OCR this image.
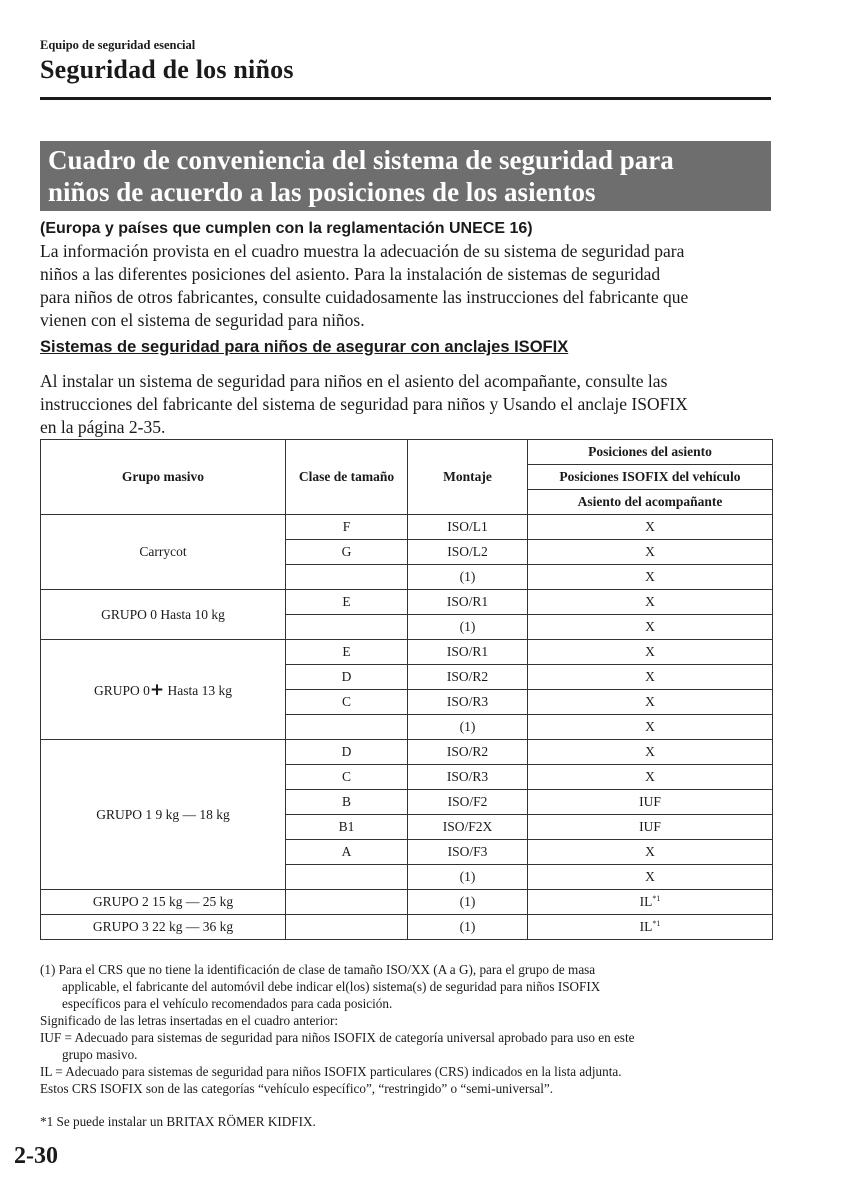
Equipo de seguridad esencial
Seguridad de los niños
Cuadro de conveniencia del sistema de seguridad para
niños de acuerdo a las posiciones de los asientos
(Europa y países que cumplen con la reglamentación UNECE 16)
La información provista en el cuadro muestra la adecuación de su sistema de seguridad para
niños a las diferentes posiciones del asiento. Para la instalación de sistemas de seguridad
para niños de otros fabricantes, consulte cuidadosamente las instrucciones del fabricante que
vienen con el sistema de seguridad para niños.
Sistemas de seguridad para niños de asegurar con anclajes ISOFIX
Al instalar un sistema de seguridad para niños en el asiento del acompañante, consulte las
instrucciones del fabricante del sistema de seguridad para niños y Usando el anclaje ISOFIX
en la página 2-35.
Grupo masivo	Clase de tamaño	Montaje	Posiciones del asiento
			Posiciones ISOFIX del vehículo
			Asiento del acompañante
Carrycot	F	ISO/L1	X
	G	ISO/L2	X
		(1)	X
GRUPO 0 Hasta 10 kg	E	ISO/R1	X
		(1)	X
GRUPO 0+ Hasta 13 kg	E	ISO/R1	X
	D	ISO/R2	X
	C	ISO/R3	X
		(1)	X
GRUPO 1 9 kg — 18 kg	D	ISO/R2	X
	C	ISO/R3	X
	B	ISO/F2	IUF
	B1	ISO/F2X	IUF
	A	ISO/F3	X
		(1)	X
GRUPO 2 15 kg — 25 kg		(1)	IL$^{*1}$
GRUPO 3 22 kg — 36 kg		(1)	IL$^{*1}$
(1) Para el CRS que no tiene la identificación de clase de tamaño ISO/XX (A a G), para el grupo de masa
applicable, el fabricante del automóvil debe indicar el(los) sistema(s) de seguridad para niños ISOFIX
específicos para el vehículo recomendados para cada posición.
Significado de las letras insertadas en el cuadro anterior:
IUF = Adecuado para sistemas de seguridad para niños ISOFIX de categoría universal aprobado para uso en este
grupo masivo.
IL = Adecuado para sistemas de seguridad para niños ISOFIX particulares (CRS) indicados en la lista adjunta.
Estos CRS ISOFIX son de las categorías “vehículo específico”, “restringido” o “semi-universal”.
*1 Se puede instalar un BRITAX RÖMER KIDFIX.
2-30
